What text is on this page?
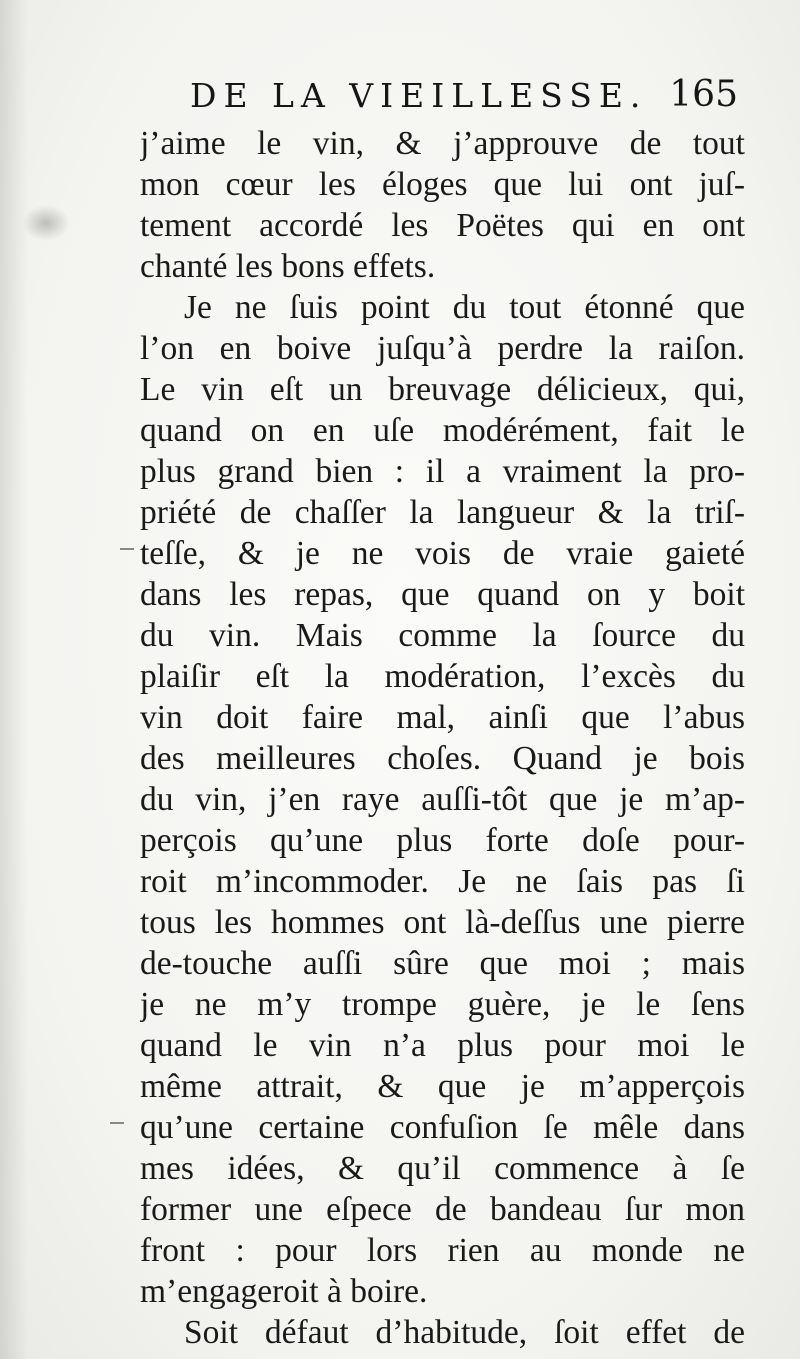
DE LA VIEILLESSE. 165
j’aime le vin, & j’approuve de tout
mon cœur les éloges que lui ont juſ-
tement accordé les Poëtes qui en ont
chanté les bons effets.
Je ne ſuis point du tout étonné que
l’on en boive juſqu’à perdre la raiſon.
Le vin eſt un breuvage délicieux, qui,
quand on en uſe modérément, fait le
plus grand bien : il a vraiment la pro-
priété de chaſſer la langueur & la triſ-
teſſe, & je ne vois de vraie gaieté
dans les repas, que quand on y boit
du vin. Mais comme la ſource du
plaiſir eſt la modération, l’excès du
vin doit faire mal, ainſi que l’abus
des meilleures choſes. Quand je bois
du vin, j’en raye auſſi-tôt que je m’ap-
perçois qu’une plus forte doſe pour-
roit m’incommoder. Je ne ſais pas ſi
tous les hommes ont là-deſſus une pierre
de-touche auſſi sûre que moi ; mais
je ne m’y trompe guère, je le ſens
quand le vin n’a plus pour moi le
même attrait, & que je m’apperçois
qu’une certaine confuſion ſe mêle dans
mes idées, & qu’il commence à ſe
former une eſpece de bandeau ſur mon
front : pour lors rien au monde ne
m’engageroit à boire.
Soit défaut d’habitude, ſoit effet de
